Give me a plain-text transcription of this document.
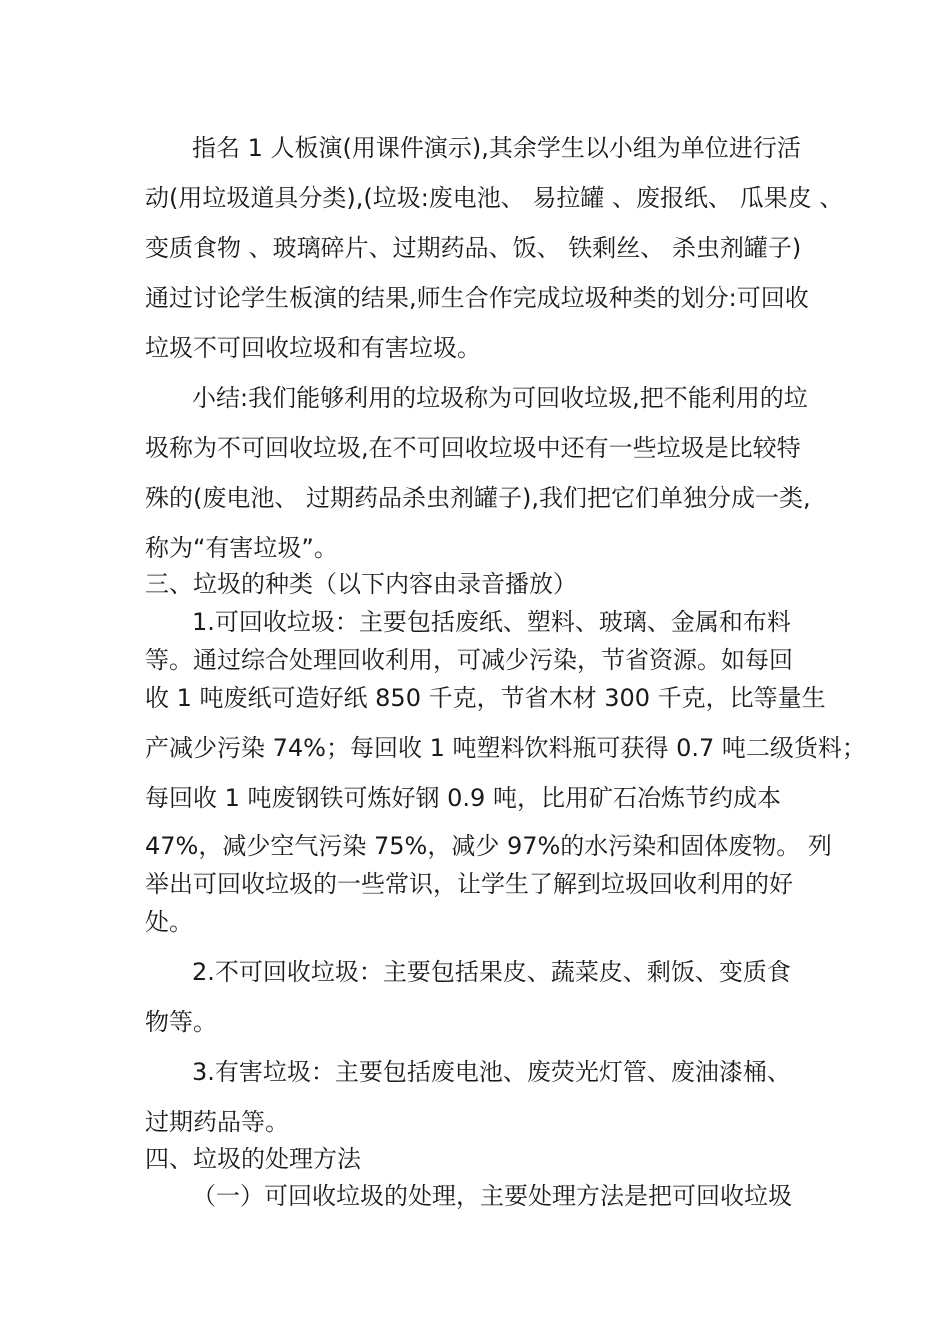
指名 1 人板演(用课件演示),其余学生以小组为单位进行活
动(用垃圾道具分类),(垃圾:废电池、 易拉罐 、废报纸、 瓜果皮 、
变质食物 、玻璃碎片、过期药品、饭、 铁剩丝、 杀虫剂罐子)
通过讨论学生板演的结果,师生合作完成垃圾种类的划分:可回收
垃圾不可回收垃圾和有害垃圾。
小结:我们能够利用的垃圾称为可回收垃圾,把不能利用的垃
圾称为不可回收垃圾,在不可回收垃圾中还有一些垃圾是比较特
殊的(废电池、 过期药品杀虫剂罐子),我们把它们单独分成一类,
称为“有害垃圾”。
三、垃圾的种类（以下内容由录音播放）
1.可回收垃圾：主要包括废纸、塑料、玻璃、金属和布料
等。通过综合处理回收利用，可减少污染，节省资源。如每回
收 1 吨废纸可造好纸 850 千克，节省木材 300 千克，比等量生
产减少污染 74%；每回收 1 吨塑料饮料瓶可获得 0.7 吨二级货料；
每回收 1 吨废钢铁可炼好钢 0.9 吨，比用矿石冶炼节约成本
47%，减少空气污染 75%，减少 97%的水污染和固体废物。 列
举出可回收垃圾的一些常识，让学生了解到垃圾回收利用的好
处。
2.不可回收垃圾：主要包括果皮、蔬菜皮、剩饭、变质食
物等。
3.有害垃圾：主要包括废电池、废荧光灯管、废油漆桶、
过期药品等。
四、垃圾的处理方法
（一）可回收垃圾的处理，主要处理方法是把可回收垃圾
